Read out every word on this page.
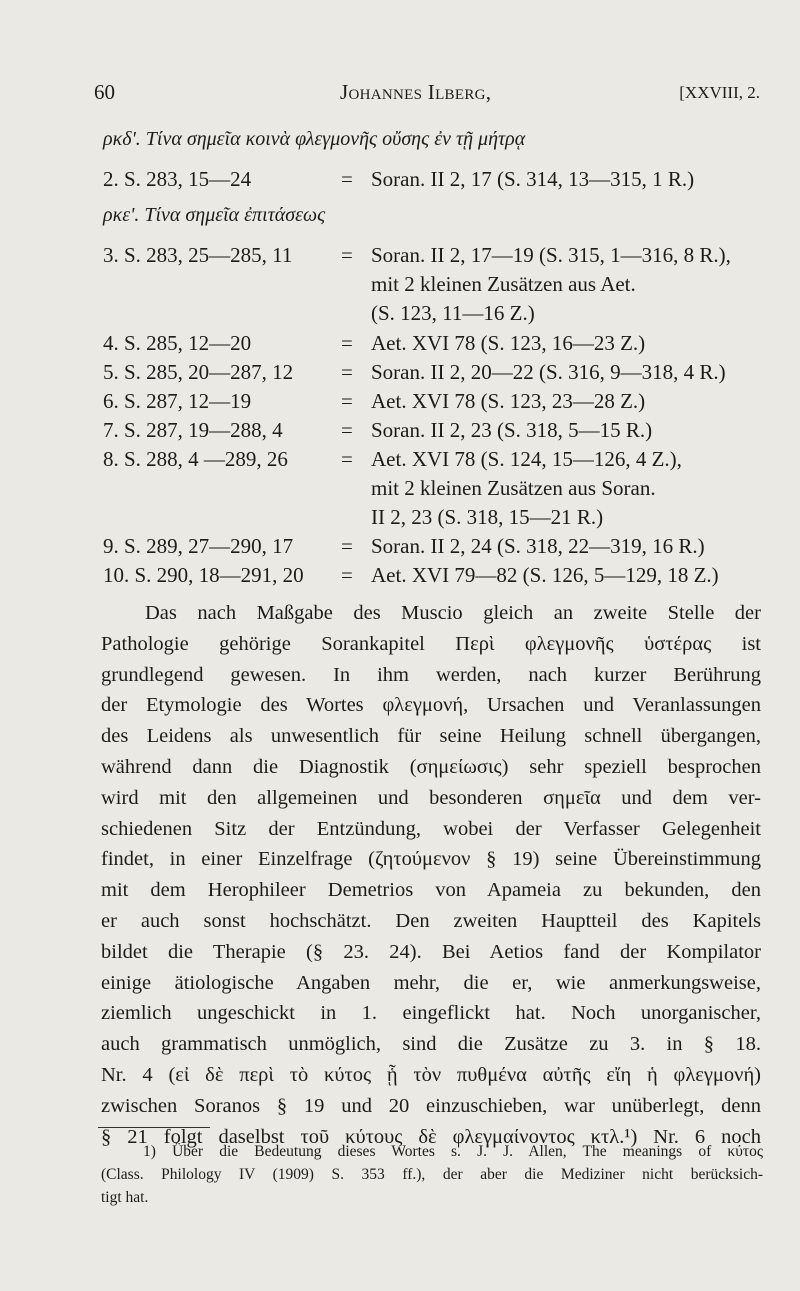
60	Johannes Ilberg,	[XXVIII, 2.
ρκδ'. Τίνα σημεῖα κοινὰ φλεγμονῆς οὔσης ἐν τῇ μήτρᾳ
2. S. 283, 15—24	= Soran. II 2, 17 (S. 314, 13—315, 1 R.)
ρκε'. Τίνα σημεῖα ἐπιτάσεως
3. S. 283, 25—285, 11 = Soran. II 2, 17—19 (S. 315, 1—316, 8 R.),
mit 2 kleinen Zusätzen aus Aet.
(S. 123, 11—16 Z.)
4. S. 285, 12—20	= Aet. XVI 78 (S. 123, 16—23 Z.)
5. S. 285, 20—287, 12 = Soran. II 2, 20—22 (S. 316, 9—318, 4 R.)
6. S. 287, 12—19	= Aet. XVI 78 (S. 123, 23—28 Z.)
7. S. 287, 19—288, 4	= Soran. II 2, 23 (S. 318, 5—15 R.)
8. S. 288, 4 —289, 26	= Aet. XVI 78 (S. 124, 15—126, 4 Z.),
mit 2 kleinen Zusätzen aus Soran.
II 2, 23 (S. 318, 15—21 R.)
9. S. 289, 27—290, 17 = Soran. II 2, 24 (S. 318, 22—319, 16 R.)
10. S. 290, 18—291, 20 = Aet. XVI 79—82 (S. 126, 5—129, 18 Z.)
Das nach Maßgabe des Muscio gleich an zweite Stelle der
Pathologie gehörige Sorankapitel Περὶ φλεγμονῆς ὑστέρας ist
grundlegend gewesen. In ihm werden, nach kurzer Berührung
der Etymologie des Wortes φλεγμονή, Ursachen und Veranlassungen
des Leidens als unwesentlich für seine Heilung schnell übergangen,
während dann die Diagnostik (σημείωσις) sehr speziell besprochen
wird mit den allgemeinen und besonderen σημεῖα und dem ver-
schiedenen Sitz der Entzündung, wobei der Verfasser Gelegenheit
findet, in einer Einzelfrage (ζητούμενον § 19) seine Übereinstimmung
mit dem Herophileer Demetrios von Apameia zu bekunden, den
er auch sonst hochschätzt. Den zweiten Hauptteil des Kapitels
bildet die Therapie (§ 23. 24). Bei Aetios fand der Kompilator
einige ätiologische Angaben mehr, die er, wie anmerkungsweise,
ziemlich ungeschickt in 1. eingeflickt hat. Noch unorganischer,
auch grammatisch unmöglich, sind die Zusätze zu 3. in § 18.
Nr. 4 (εἰ δὲ περὶ τὸ κύτος ᾗ τὸν πυθμένα αὐτῆς εἴη ἡ φλεγμονή)
zwischen Soranos § 19 und 20 einzuschieben, war unüberlegt, denn
§ 21 folgt daselbst τοῦ κύτους δὲ φλεγμαίνοντος κτλ.¹) Nr. 6 noch
1) Über die Bedeutung dieses Wortes s. J. J. Allen, The meanings of κύτος
(Class. Philology IV (1909) S. 353 ff.), der aber die Mediziner nicht berücksich-
tigt hat.
